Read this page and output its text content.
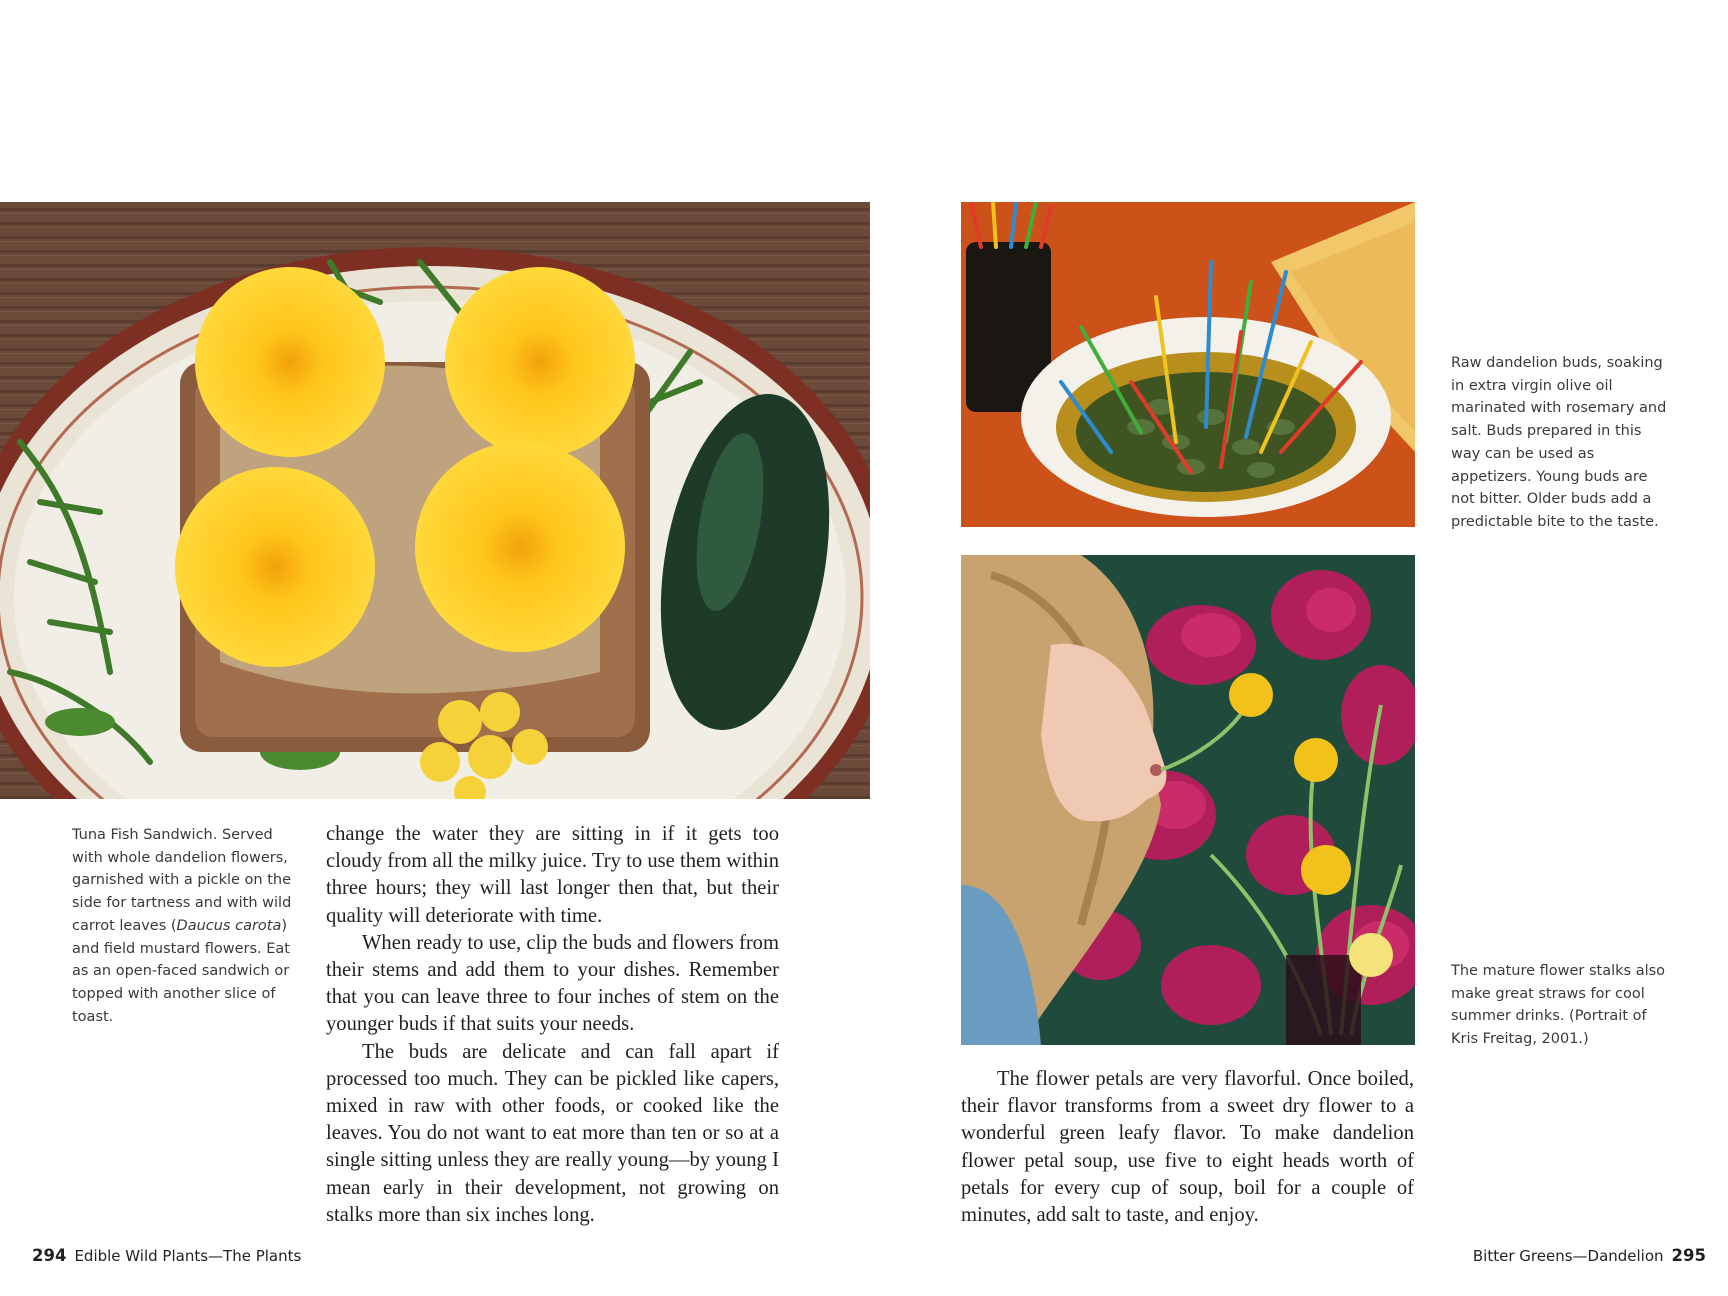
Tuna Fish Sandwich. Served with whole dandelion flowers, garnished with a pickle on the side for tartness and with wild carrot leaves (Daucus carota) and field mustard flowers. Eat as an open-faced sandwich or topped with another slice of toast.

change the water they are sitting in if it gets too cloudy from all the milky juice. Try to use them within three hours; they will last longer then that, but their quality will deteriorate with time.

When ready to use, clip the buds and flowers from their stems and add them to your dishes. Remember that you can leave three to four inches of stem on the younger buds if that suits your needs.

The buds are delicate and can fall apart if processed too much. They can be pickled like capers, mixed in raw with other foods, or cooked like the leaves. You do not want to eat more than ten or so at a single sitting unless they are really young—by young I mean early in their development, not growing on stalks more than six inches long.

294 Edible Wild Plants—The Plants

Raw dandelion buds, soaking in extra virgin olive oil marinated with rosemary and salt. Buds prepared in this way can be used as appetizers. Young buds are not bitter. Older buds add a predictable bite to the taste.

The mature flower stalks also make great straws for cool summer drinks. (Portrait of Kris Freitag, 2001.)

The flower petals are very flavorful. Once boiled, their flavor transforms from a sweet dry flower to a wonderful green leafy flavor. To make dandelion flower petal soup, use five to eight heads worth of petals for every cup of soup, boil for a couple of minutes, add salt to taste, and enjoy.

Bitter Greens—Dandelion 295
